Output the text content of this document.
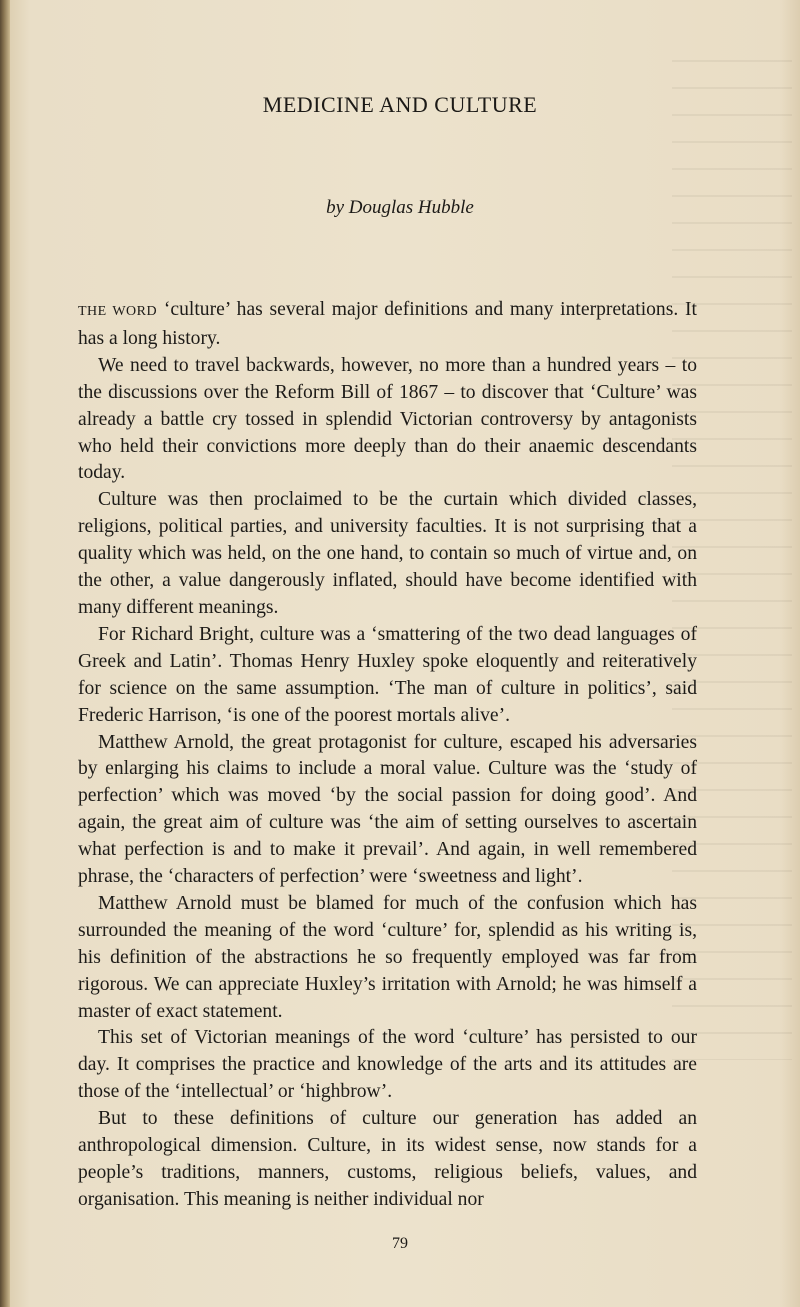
MEDICINE AND CULTURE
by Douglas Hubble

THE WORD ‘culture’ has several major definitions and many interpretations. It has a long history.

We need to travel backwards, however, no more than a hundred years – to the discussions over the Reform Bill of 1867 – to discover that ‘Culture’ was already a battle cry tossed in splendid Victorian controversy by antagonists who held their convictions more deeply than do their anaemic descendants today.

Culture was then proclaimed to be the curtain which divided classes, religions, political parties, and university faculties. It is not surprising that a quality which was held, on the one hand, to contain so much of virtue and, on the other, a value dangerously inflated, should have become identified with many different meanings.

For Richard Bright, culture was a ‘smattering of the two dead languages of Greek and Latin’. Thomas Henry Huxley spoke eloquently and reiteratively for science on the same assumption. ‘The man of culture in politics’, said Frederic Harrison, ‘is one of the poorest mortals alive’.

Matthew Arnold, the great protagonist for culture, escaped his adversaries by enlarging his claims to include a moral value. Culture was the ‘study of perfection’ which was moved ‘by the social passion for doing good’. And again, the great aim of culture was ‘the aim of setting ourselves to ascertain what perfection is and to make it prevail’. And again, in well remembered phrase, the ‘characters of perfection’ were ‘sweetness and light’.

Matthew Arnold must be blamed for much of the confusion which has surrounded the meaning of the word ‘culture’ for, splendid as his writing is, his definition of the abstractions he so frequently employed was far from rigorous. We can appreciate Huxley’s irritation with Arnold; he was himself a master of exact statement.

This set of Victorian meanings of the word ‘culture’ has persisted to our day. It comprises the practice and knowledge of the arts and its attitudes are those of the ‘intellectual’ or ‘highbrow’.

But to these definitions of culture our generation has added an anthropological dimension. Culture, in its widest sense, now stands for a people’s traditions, manners, customs, religious beliefs, values, and organisation. This meaning is neither individual nor

79
